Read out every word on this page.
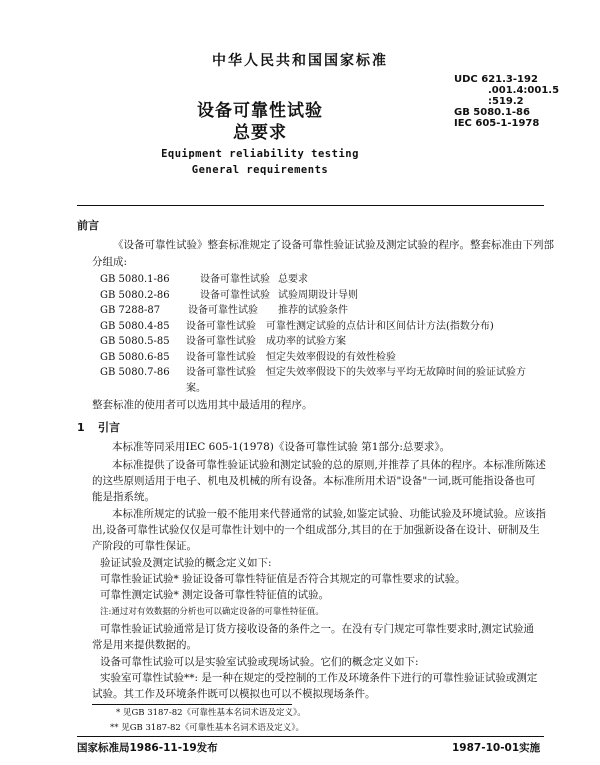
中华人民共和国国家标准
UDC 621.3-192
.001.4:001.5
:519.2
GB 5080.1-86
IEC 605-1-1978
设备可靠性试验
总要求
Equipment reliability testing
General requirements
前言
《设备可靠性试验》整套标准规定了设备可靠性验证试验及测定试验的程序。整套标准由下列部
分组成:
GB 5080.1-86	设备可靠性试验 总要求
GB 5080.2-86	设备可靠性试验 试验周期设计导则
GB 7288-87	设备可靠性试验 推荐的试验条件
GB 5080.4-85 设备可靠性试验 可靠性测定试验的点估计和区间估计方法(指数分布)
GB 5080.5-85 设备可靠性试验 成功率的试验方案
GB 5080.6-85 设备可靠性试验 恒定失效率假设的有效性检验
GB 5080.7-86 设备可靠性试验 恒定失效率假设下的失效率与平均无故障时间的验证试验方
案。
整套标准的使用者可以选用其中最适用的程序。
1 引言
本标准等同采用IEC 605-1(1978)《设备可靠性试验 第1部分:总要求》。
本标准提供了设备可靠性验证试验和测定试验的总的原则,并推荐了具体的程序。本标准所陈述
的这些原则适用于电子、机电及机械的所有设备。本标准所用术语"设备"一词,既可能指设备也可
能是指系统。
本标准所规定的试验一般不能用来代替通常的试验,如鉴定试验、功能试验及环境试验。应该指
出,设备可靠性试验仅仅是可靠性计划中的一个组成部分,其目的在于加强新设备在设计、研制及生
产阶段的可靠性保证。
验证试验及测定试验的概念定义如下:
可靠性验证试验* 验证设备可靠性特征值是否符合其规定的可靠性要求的试验。
可靠性测定试验* 测定设备可靠性特征值的试验。
注:通过对有效数据的分析也可以确定设备的可靠性特征值。
可靠性验证试验通常是订货方接收设备的条件之一。在没有专门规定可靠性要求时,测定试验通
常是用来提供数据的。
设备可靠性试验可以是实验室试验或现场试验。它们的概念定义如下:
实验室可靠性试验**: 是一种在规定的受控制的工作及环境条件下进行的可靠性验证试验或测定
试验。其工作及环境条件既可以模拟也可以不模拟现场条件。
* 见GB 3187-82《可靠性基本名词术语及定义》。
** 见GB 3187-82《可靠性基本名词术语及定义》。
国家标准局1986-11-19发布	1987-10-01实施
